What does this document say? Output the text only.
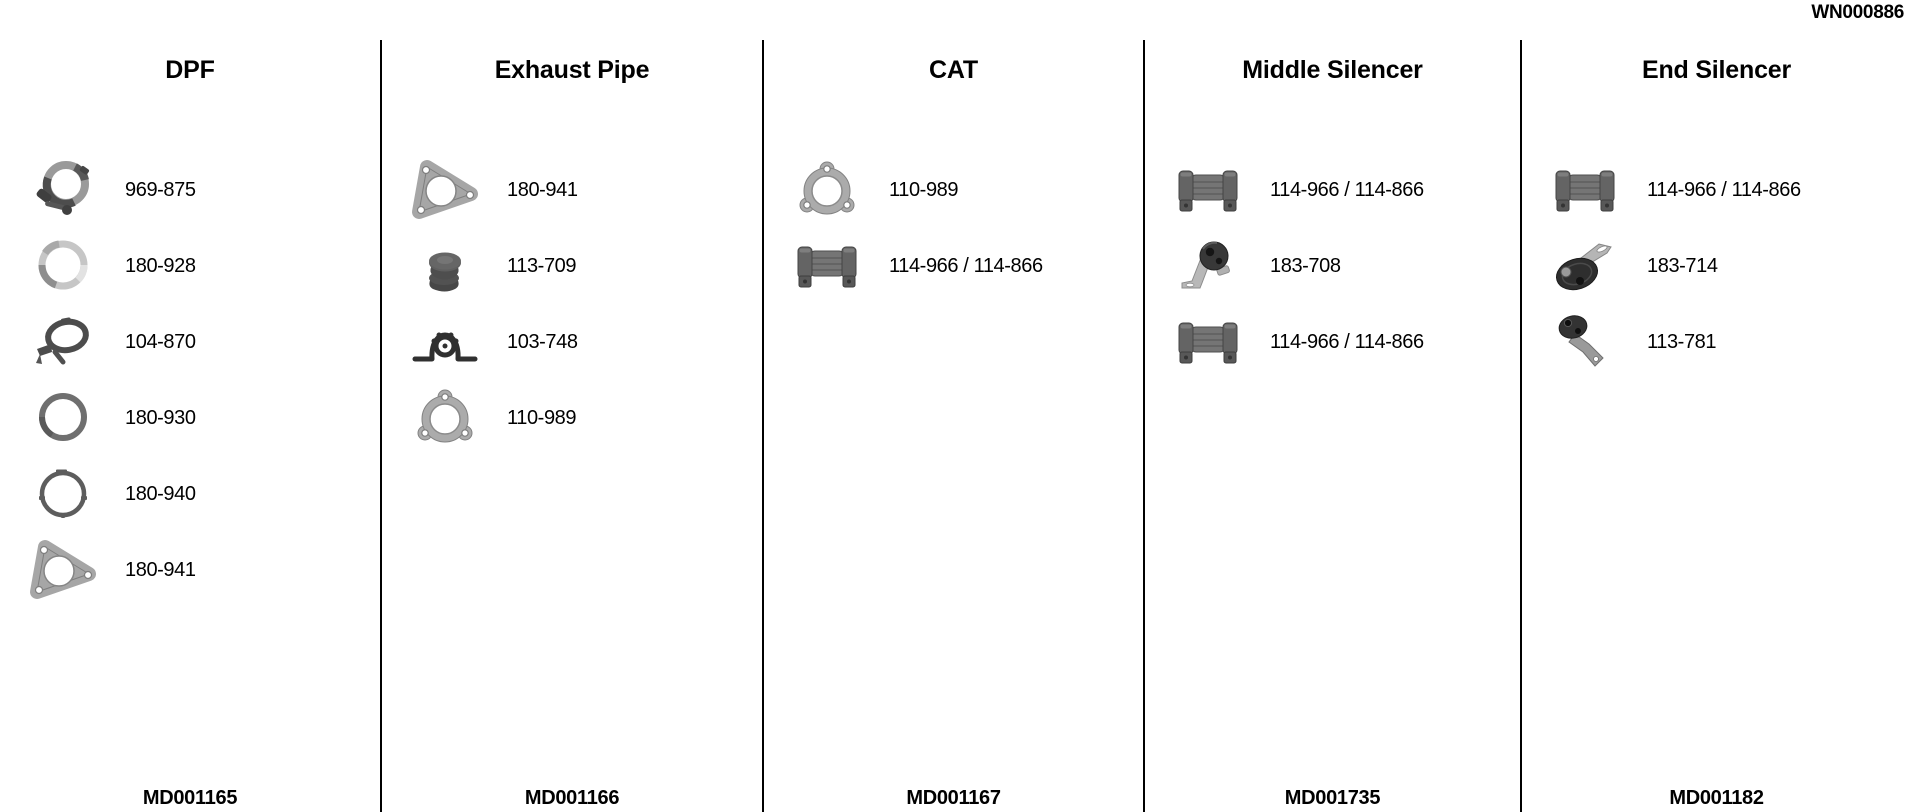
WN000886
DPF
969-875
180-928
104-870
180-930
180-940
180-941
MD001165
Exhaust Pipe
180-941
113-709
103-748
110-989
MD001166
CAT
110-989
114-966 / 114-866
MD001167
Middle Silencer
114-966 / 114-866
183-708
114-966 / 114-866
MD001735
End Silencer
114-966 / 114-866
183-714
113-781
MD001182
